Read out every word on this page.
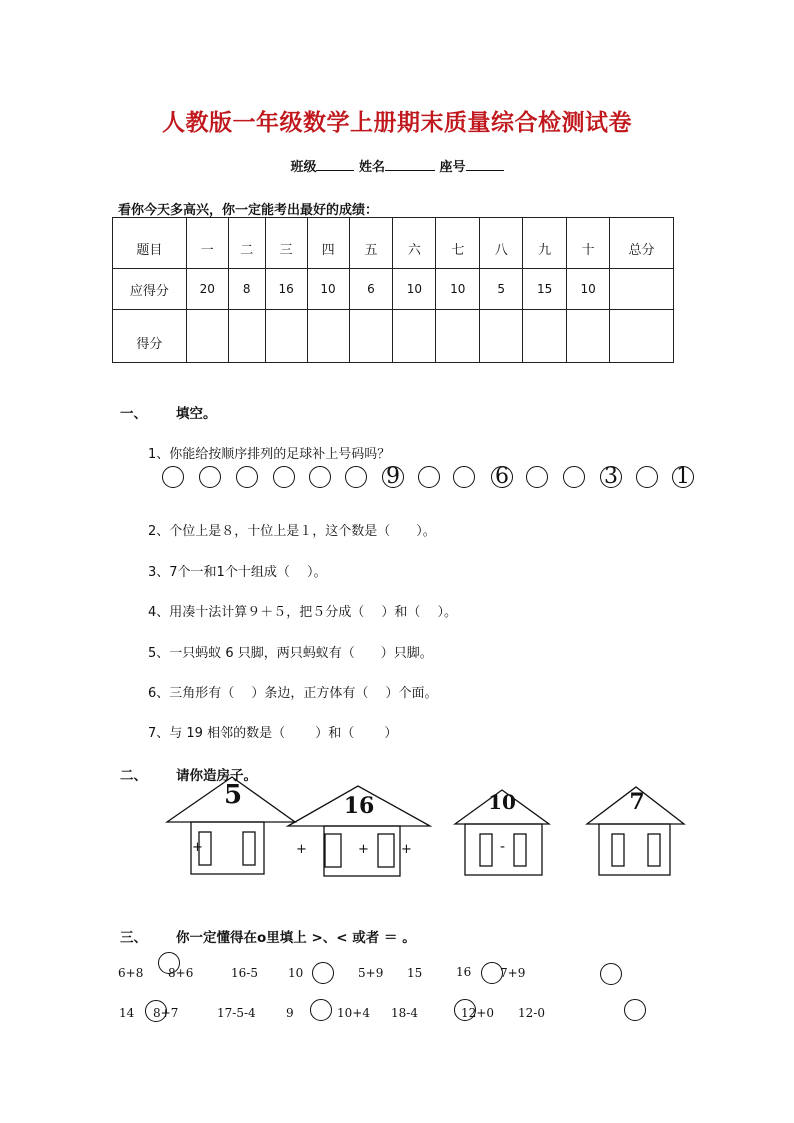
人教版一年级数学上册期末质量综合检测试卷
班级	姓名	座号
看你今天多高兴，你一定能考出最好的成绩：
题目	一	二	三	四	五	六	七	八	九	十	总分
应得分	20	8	16	10	6	10	10	5	15	10	
得分											
一、 填空。
1、你能给按顺序排列的足球补上号码吗？
9	6	3	1
2、个位上是８，十位上是１，这个数是（　　）。
3、7个一和1个十组成（　 ）。
4、用凑十法计算９＋５，把５分成（　 ）和（　 ）。
5、一只蚂蚁 6 只脚，两只蚂蚁有（　　）只脚。
6、三角形有（　 ）条边，正方体有（　 ）个面。
7、与 19 相邻的数是（　　 ）和（　　 ）
二、 请你造房子。
5	16	10	7
+	+	+	-
+
三、 你一定懂得在ο里填上 >、< 或者 ＝ 。
6+8 8+6	16-5	10	5+9 15	16 7+9
14 8+7	17-5-4	9	10+4 18-4	12+0 12-0
